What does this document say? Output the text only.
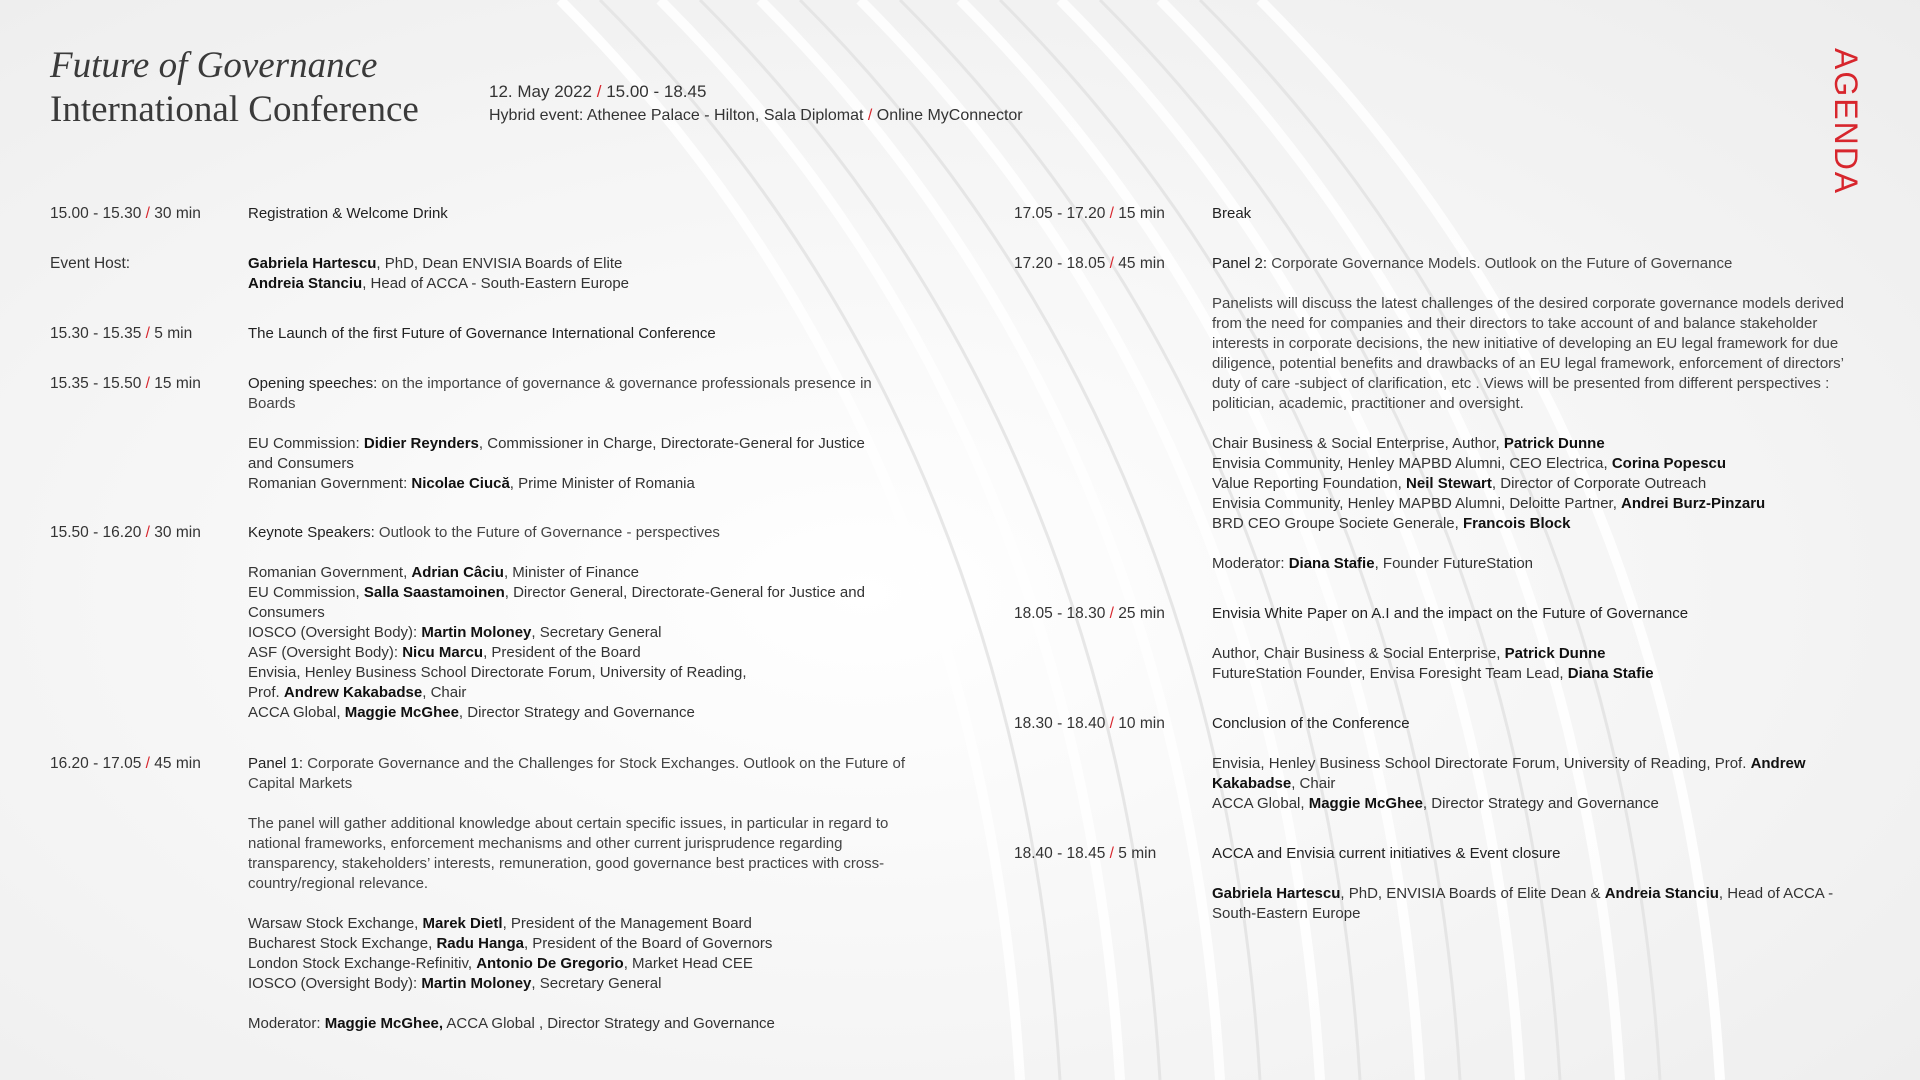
Future of Governance
International Conference	12. May 2022 / 15.00 - 18.45
Hybrid event: Athenee Palace - Hilton, Sala Diplomat / Online MyConnector	AGENDA
15.00 - 15.30 / 30 min	Registration & Welcome Drink

Event Host:	Gabriela Hartescu, PhD, Dean ENVISIA Boards of Elite

Andreia Stanciu, Head of ACCA - South-Eastern Europe

15.30 - 15.35 / 5 min	The Launch of the first Future of Governance International Conference

15.35 - 15.50 / 15 min	Opening speeches: on the importance of governance & governance professionals presence in Boards

EU Commission: Didier Reynders, Commissioner in Charge, Directorate-General for Justice and Consumers

Romanian Government: Nicolae Ciucă, Prime Minister of Romania

15.50 - 16.20 / 30 min	Keynote Speakers: Outlook to the Future of Governance - perspectives

Romanian Government, Adrian Câciu, Minister of Finance

EU Commission, Salla Saastamoinen, Director General, Directorate-General for Justice and Consumers

IOSCO (Oversight Body): Martin Moloney, Secretary General

ASF (Oversight Body): Nicu Marcu, President of the Board

Envisia, Henley Business School Directorate Forum, University of Reading,

Prof. Andrew Kakabadse, Chair

ACCA Global, Maggie McGhee, Director Strategy and Governance

16.20 - 17.05 / 45 min	Panel 1: Corporate Governance and the Challenges for Stock Exchanges. Outlook on the Future of Capital Markets

The panel will gather additional knowledge about certain specific issues, in particular in regard to national frameworks, enforcement mechanisms and other current jurisprudence regarding transparency, stakeholders’ interests, remuneration, good governance best practices with cross-country/regional relevance.

Warsaw Stock Exchange, Marek Dietl, President of the Management Board

Bucharest Stock Exchange, Radu Hanga, President of the Board of Governors

London Stock Exchange-Refinitiv, Antonio De Gregorio, Market Head CEE

IOSCO (Oversight Body): Martin Moloney, Secretary General

Moderator: Maggie McGhee, ACCA Global , Director Strategy and Governance

17.05 - 17.20 / 15 min	Break

17.20 - 18.05 / 45 min	Panel 2: Corporate Governance Models. Outlook on the Future of Governance

Panelists will discuss the latest challenges of the desired corporate governance models derived from the need for companies and their directors to take account of and balance stakeholder interests in corporate decisions, the new initiative of developing an EU legal framework for due diligence, potential benefits and drawbacks of an EU legal framework, enforcement of directors’ duty of care -subject of clarification, etc . Views will be presented from different perspectives : politician, academic, practitioner and oversight.

Chair Business & Social Enterprise, Author, Patrick Dunne

Envisia Community, Henley MAPBD Alumni, CEO Electrica, Corina Popescu

Value Reporting Foundation, Neil Stewart, Director of Corporate Outreach

Envisia Community, Henley MAPBD Alumni, Deloitte Partner, Andrei Burz-Pinzaru

BRD CEO Groupe Societe Generale, Francois Block

Moderator: Diana Stafie, Founder FutureStation

18.05 - 18.30 / 25 min	Envisia White Paper on A.I and the impact on the Future of Governance

Author, Chair Business & Social Enterprise, Patrick Dunne

FutureStation Founder, Envisa Foresight Team Lead, Diana Stafie

18.30 - 18.40 / 10 min	Conclusion of the Conference

Envisia, Henley Business School Directorate Forum, University of Reading, Prof. Andrew Kakabadse, Chair

ACCA Global, Maggie McGhee, Director Strategy and Governance

18.40 - 18.45 / 5 min	ACCA and Envisia current initiatives & Event closure

Gabriela Hartescu, PhD, ENVISIA Boards of Elite Dean & Andreia Stanciu, Head of ACCA - South-Eastern Europe
